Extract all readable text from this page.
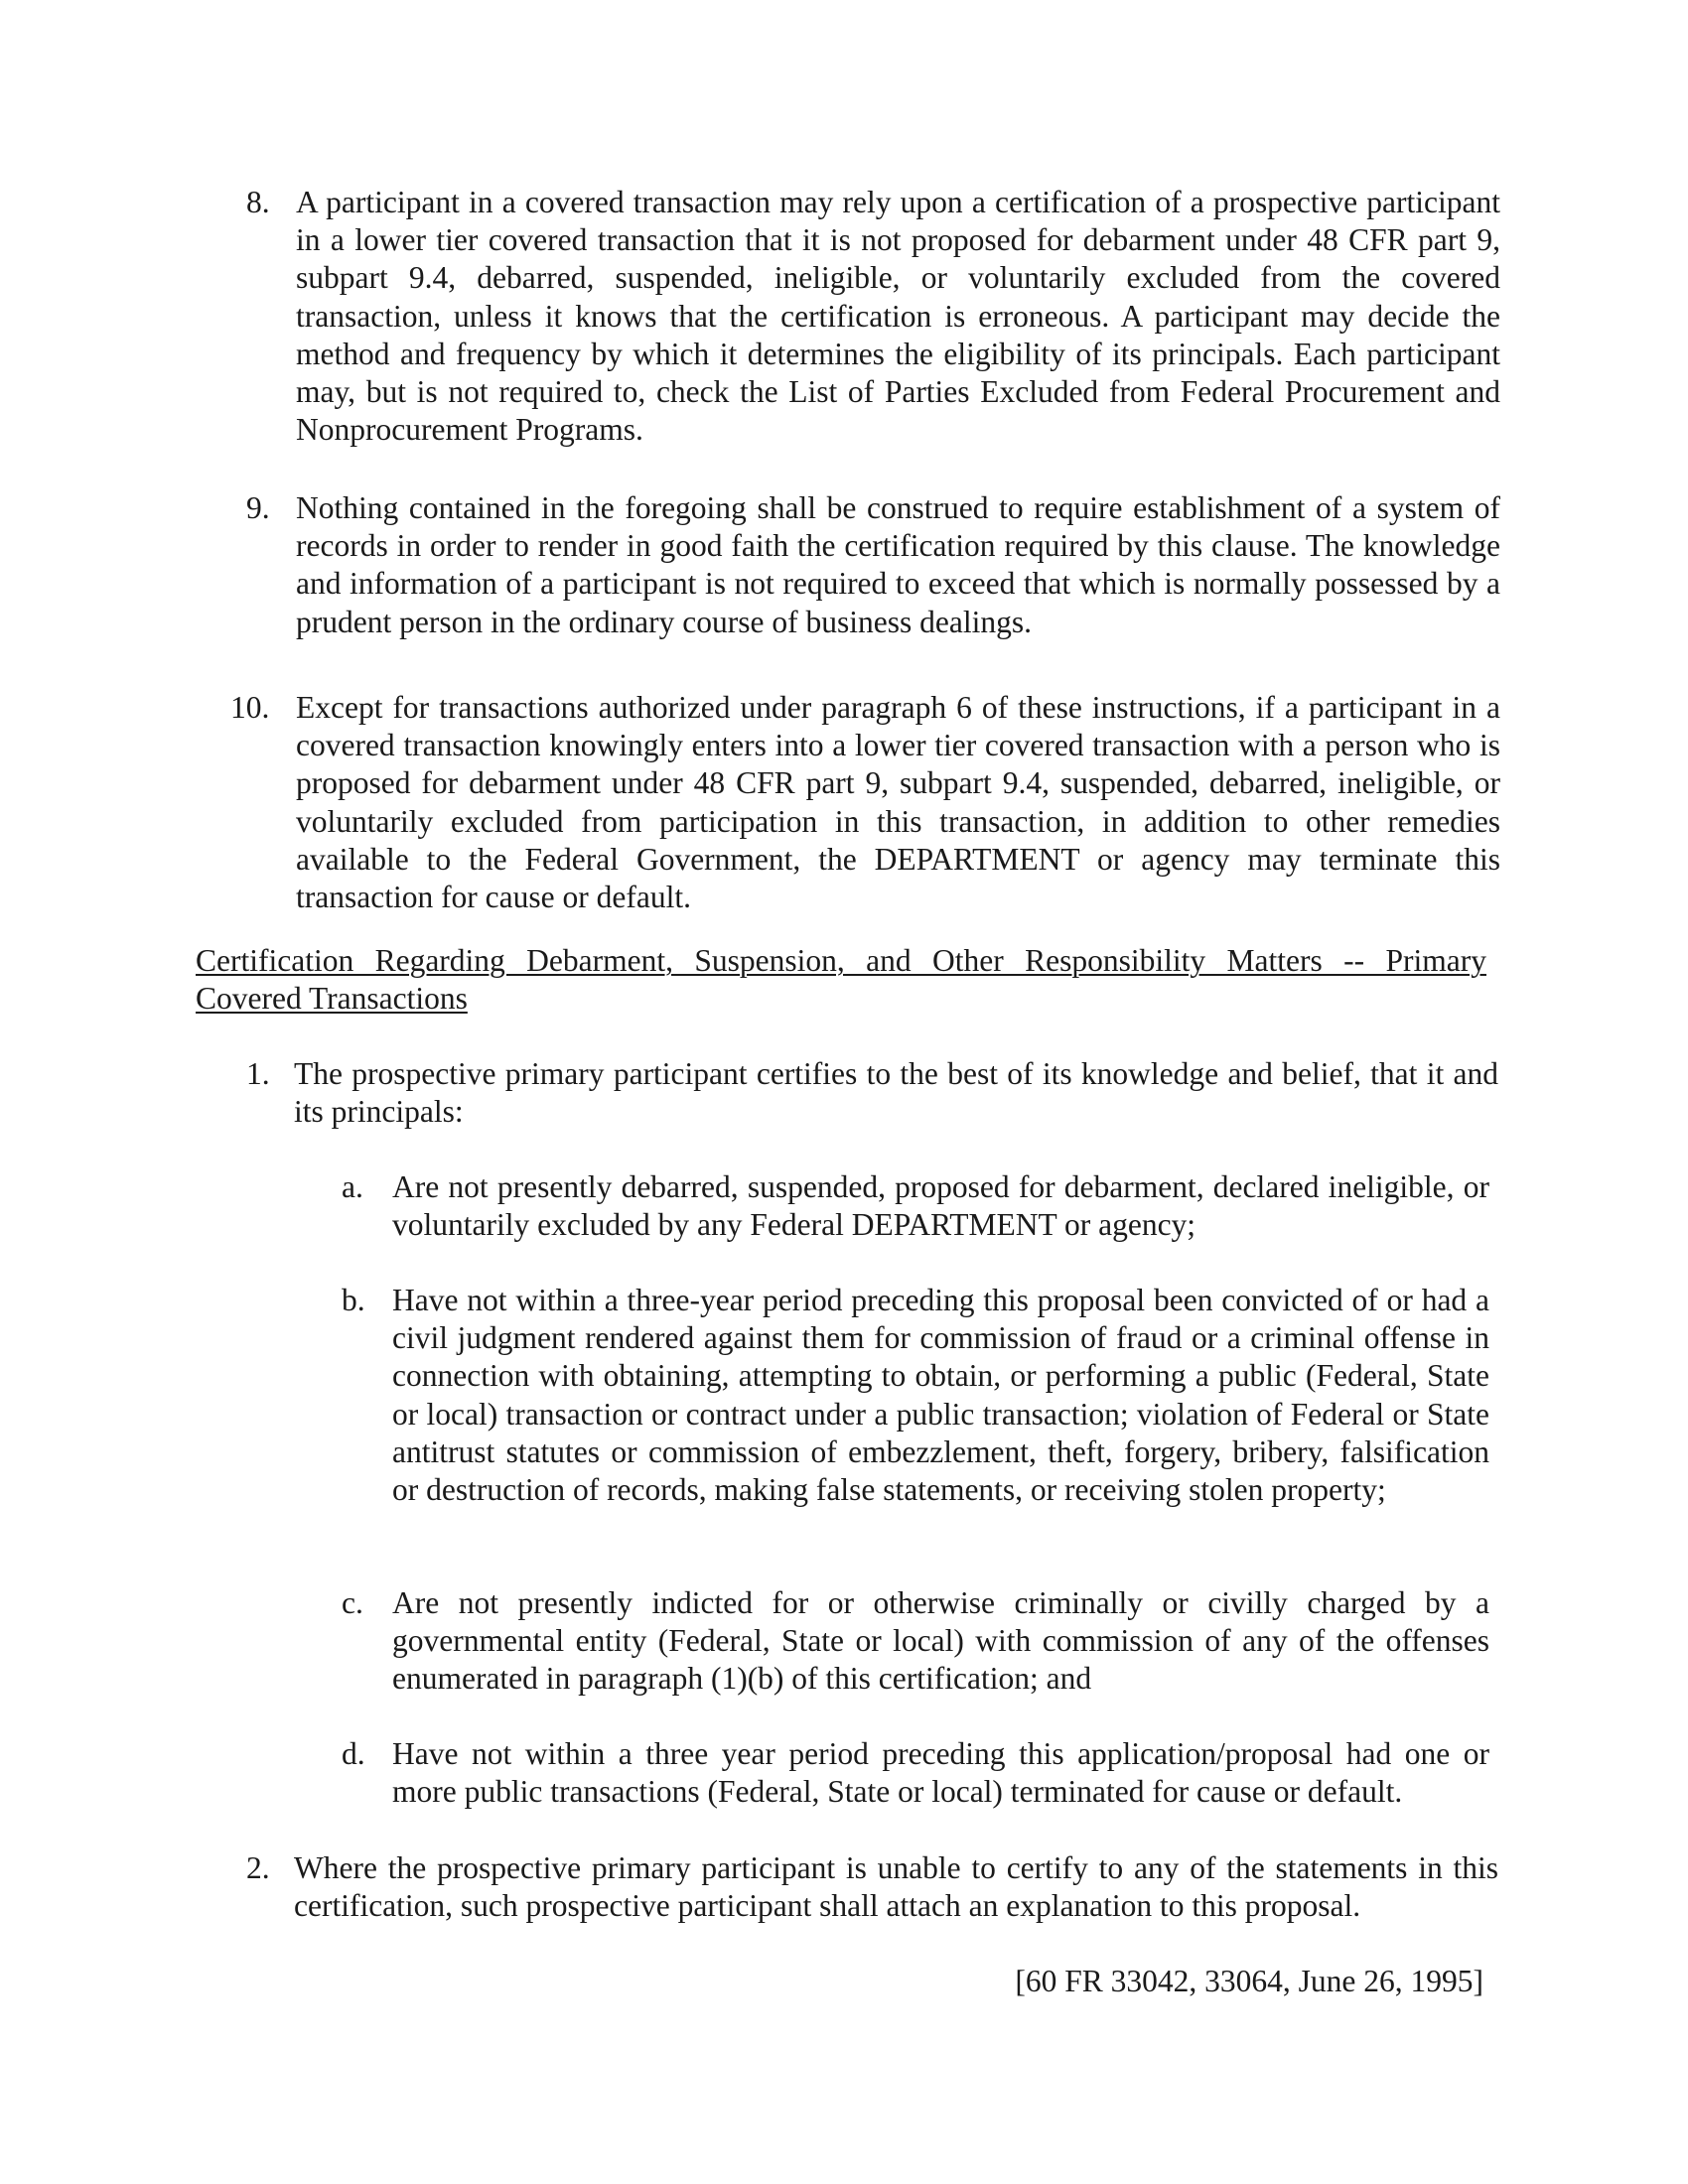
8. A participant in a covered transaction may rely upon a certification of a prospective participant in a lower tier covered transaction that it is not proposed for debarment under 48 CFR part 9, subpart 9.4, debarred, suspended, ineligible, or voluntarily excluded from the covered transaction, unless it knows that the certification is erroneous. A participant may decide the method and frequency by which it determines the eligibility of its principals. Each participant may, but is not required to, check the List of Parties Excluded from Federal Procurement and Nonprocurement Programs.

9. Nothing contained in the foregoing shall be construed to require establishment of a system of records in order to render in good faith the certification required by this clause. The knowledge and information of a participant is not required to exceed that which is normally possessed by a prudent person in the ordinary course of business dealings.

10. Except for transactions authorized under paragraph 6 of these instructions, if a participant in a covered transaction knowingly enters into a lower tier covered transaction with a person who is proposed for debarment under 48 CFR part 9, subpart 9.4, suspended, debarred, ineligible, or voluntarily excluded from participation in this transaction, in addition to other remedies available to the Federal Government, the DEPARTMENT or agency may terminate this transaction for cause or default.

Certification Regarding Debarment, Suspension, and Other Responsibility Matters -- Primary
Covered Transactions

1. The prospective primary participant certifies to the best of its knowledge and belief, that it and its principals:

a. Are not presently debarred, suspended, proposed for debarment, declared ineligible, or voluntarily excluded by any Federal DEPARTMENT or agency;

b. Have not within a three-year period preceding this proposal been convicted of or had a civil judgment rendered against them for commission of fraud or a criminal offense in connection with obtaining, attempting to obtain, or performing a public (Federal, State or local) transaction or contract under a public transaction; violation of Federal or State antitrust statutes or commission of embezzlement, theft, forgery, bribery, falsification or destruction of records, making false statements, or receiving stolen property;

c. Are not presently indicted for or otherwise criminally or civilly charged by a governmental entity (Federal, State or local) with commission of any of the offenses enumerated in paragraph (1)(b) of this certification; and

d. Have not within a three year period preceding this application/proposal had one or more public transactions (Federal, State or local) terminated for cause or default.

2. Where the prospective primary participant is unable to certify to any of the statements in this certification, such prospective participant shall attach an explanation to this proposal.

[60 FR 33042, 33064, June 26, 1995]
